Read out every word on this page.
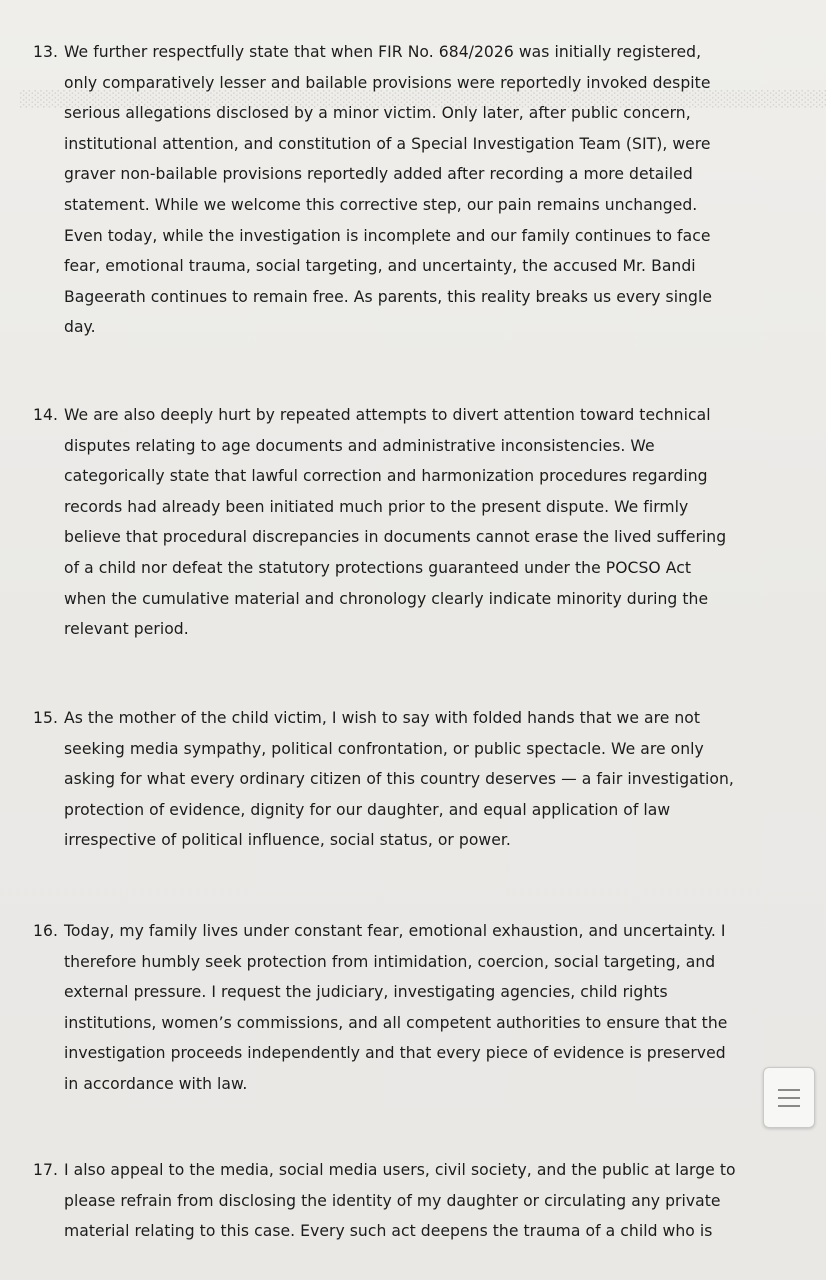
░░░░░░░░░░░░░░░░░░░░░░░░░░░░░░░░░░░░░░░░░░░░░░░░░░░░░░░░░░░░░░░░░░░░░░
13. We further respectfully state that when FIR No. 684/2026 was initially registered,
only comparatively lesser and bailable provisions were reportedly invoked despite
serious allegations disclosed by a minor victim. Only later, after public concern,
institutional attention, and constitution of a Special Investigation Team (SIT), were
graver non-bailable provisions reportedly added after recording a more detailed
statement. While we welcome this corrective step, our pain remains unchanged.
Even today, while the investigation is incomplete and our family continues to face
fear, emotional trauma, social targeting, and uncertainty, the accused Mr. Bandi
Bageerath continues to remain free. As parents, this reality breaks us every single
day.
14. We are also deeply hurt by repeated attempts to divert attention toward technical
disputes relating to age documents and administrative inconsistencies. We
categorically state that lawful correction and harmonization procedures regarding
records had already been initiated much prior to the present dispute. We firmly
believe that procedural discrepancies in documents cannot erase the lived suffering
of a child nor defeat the statutory protections guaranteed under the POCSO Act
when the cumulative material and chronology clearly indicate minority during the
relevant period.
15. As the mother of the child victim, I wish to say with folded hands that we are not
seeking media sympathy, political confrontation, or public spectacle. We are only
asking for what every ordinary citizen of this country deserves — a fair investigation,
protection of evidence, dignity for our daughter, and equal application of law
irrespective of political influence, social status, or power.
16. Today, my family lives under constant fear, emotional exhaustion, and uncertainty. I
therefore humbly seek protection from intimidation, coercion, social targeting, and
external pressure. I request the judiciary, investigating agencies, child rights
institutions, women’s commissions, and all competent authorities to ensure that the
investigation proceeds independently and that every piece of evidence is preserved
in accordance with law.
17. I also appeal to the media, social media users, civil society, and the public at large to
please refrain from disclosing the identity of my daughter or circulating any private
material relating to this case. Every such act deepens the trauma of a child who is
